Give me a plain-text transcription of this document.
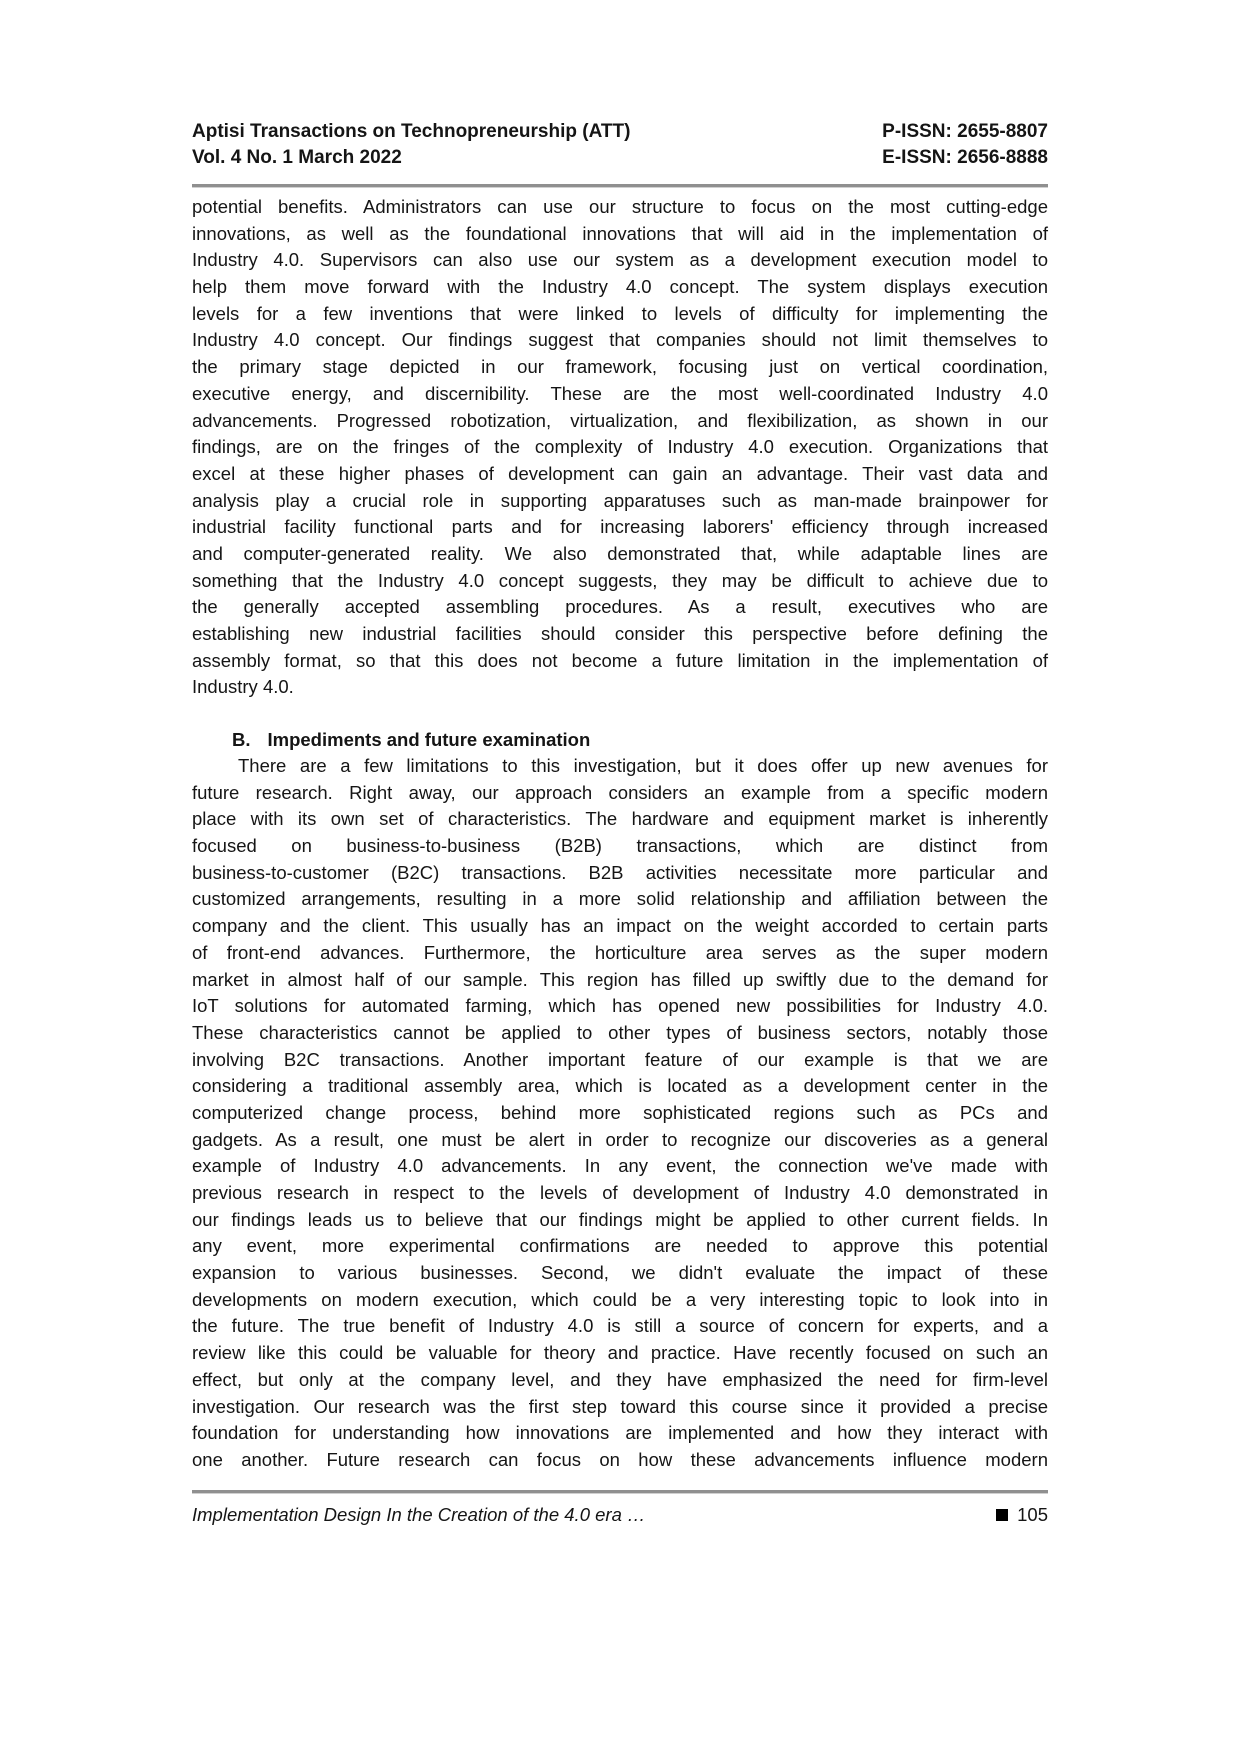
Aptisi Transactions on Technopreneurship (ATT)
Vol. 4 No. 1 March 2022
P-ISSN: 2655-8807
E-ISSN: 2656-8888
potential benefits. Administrators can use our structure to focus on the most cutting-edge
innovations, as well as the foundational innovations that will aid in the implementation of
Industry 4.0. Supervisors can also use our system as a development execution model to
help them move forward with the Industry 4.0 concept. The system displays execution
levels for a few inventions that were linked to levels of difficulty for implementing the
Industry 4.0 concept. Our findings suggest that companies should not limit themselves to
the primary stage depicted in our framework, focusing just on vertical coordination,
executive energy, and discernibility. These are the most well-coordinated Industry 4.0
advancements. Progressed robotization, virtualization, and flexibilization, as shown in our
findings, are on the fringes of the complexity of Industry 4.0 execution. Organizations that
excel at these higher phases of development can gain an advantage. Their vast data and
analysis play a crucial role in supporting apparatuses such as man-made brainpower for
industrial facility functional parts and for increasing laborers' efficiency through increased
and computer-generated reality. We also demonstrated that, while adaptable lines are
something that the Industry 4.0 concept suggests, they may be difficult to achieve due to
the generally accepted assembling procedures. As a result, executives who are
establishing new industrial facilities should consider this perspective before defining the
assembly format, so that this does not become a future limitation in the implementation of
Industry 4.0.
B. Impediments and future examination
There are a few limitations to this investigation, but it does offer up new avenues for
future research. Right away, our approach considers an example from a specific modern
place with its own set of characteristics. The hardware and equipment market is inherently
focused on business-to-business (B2B) transactions, which are distinct from
business-to-customer (B2C) transactions. B2B activities necessitate more particular and
customized arrangements, resulting in a more solid relationship and affiliation between the
company and the client. This usually has an impact on the weight accorded to certain parts
of front-end advances. Furthermore, the horticulture area serves as the super modern
market in almost half of our sample. This region has filled up swiftly due to the demand for
IoT solutions for automated farming, which has opened new possibilities for Industry 4.0.
These characteristics cannot be applied to other types of business sectors, notably those
involving B2C transactions. Another important feature of our example is that we are
considering a traditional assembly area, which is located as a development center in the
computerized change process, behind more sophisticated regions such as PCs and
gadgets. As a result, one must be alert in order to recognize our discoveries as a general
example of Industry 4.0 advancements. In any event, the connection we've made with
previous research in respect to the levels of development of Industry 4.0 demonstrated in
our findings leads us to believe that our findings might be applied to other current fields. In
any event, more experimental confirmations are needed to approve this potential
expansion to various businesses. Second, we didn't evaluate the impact of these
developments on modern execution, which could be a very interesting topic to look into in
the future. The true benefit of Industry 4.0 is still a source of concern for experts, and a
review like this could be valuable for theory and practice. Have recently focused on such an
effect, but only at the company level, and they have emphasized the need for firm-level
investigation. Our research was the first step toward this course since it provided a precise
foundation for understanding how innovations are implemented and how they interact with
one another. Future research can focus on how these advancements influence modern
Implementation Design In the Creation of the 4.0 era …	105
